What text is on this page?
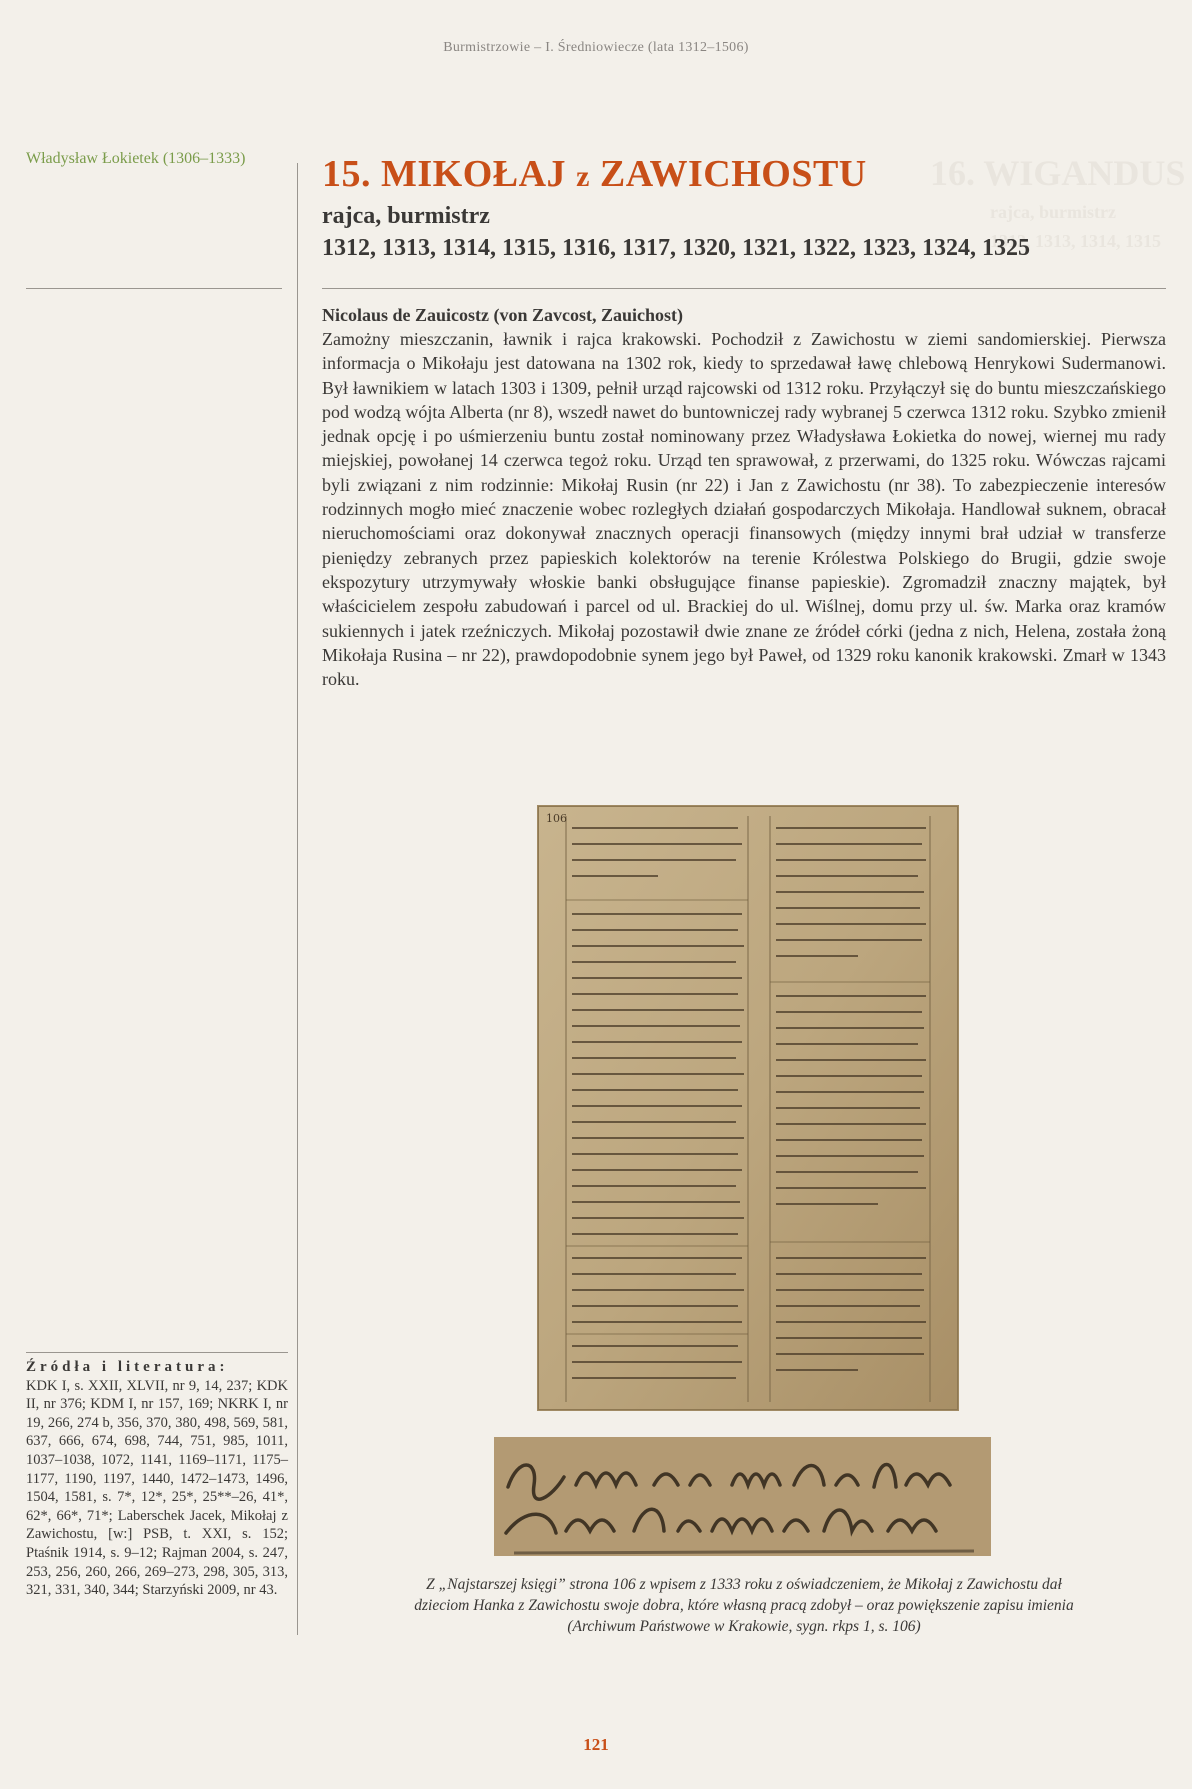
Burmistrzowie – I. Średniowiecze (lata 1312–1506)
Władysław Łokietek (1306–1333)	16. WIGANDUS
rajca, burmistrz
1312, 1313, 1314, 1315
15. MIKOŁAJ z ZAWICHOSTU
rajca, burmistrz
1312, 1313, 1314, 1315, 1316, 1317, 1320, 1321, 1322, 1323, 1324, 1325
Nicolaus de Zauicostz (von Zavcost, Zauichost)

Zamożny mieszczanin, ławnik i rajca krakowski. Pochodził z Zawichostu w ziemi sandomierskiej. Pierwsza informacja o Mikołaju jest datowana na 1302 rok, kiedy to sprzedawał ławę chlebową Henrykowi Sudermanowi. Był ławnikiem w latach 1303 i 1309, pełnił urząd rajcowski od 1312 roku. Przyłączył się do buntu mieszczańskiego pod wodzą wójta Alberta (nr 8), wszedł nawet do buntowniczej rady wybranej 5 czerwca 1312 roku. Szybko zmienił jednak opcję i po uśmierzeniu buntu został nominowany przez Władysława Łokietka do nowej, wiernej mu rady miejskiej, powołanej 14 czerwca tegoż roku. Urząd ten sprawował, z przerwami, do 1325 roku. Wówczas rajcami byli związani z nim rodzinnie: Mikołaj Rusin (nr 22) i Jan z Zawichostu (nr 38). To zabezpieczenie interesów rodzinnych mogło mieć znaczenie wobec rozległych działań gospodarczych Mikołaja. Handlował suknem, obracał nieruchomościami oraz dokonywał znacznych operacji finansowych (między innymi brał udział w transferze pieniędzy zebranych przez papieskich kolektorów na terenie Królestwa Polskiego do Brugii, gdzie swoje ekspozytury utrzymywały włoskie banki obsługujące finanse papieskie). Zgromadził znaczny majątek, był właścicielem zespołu zabudowań i parcel od ul. Brackiej do ul. Wiślnej, domu przy ul. św. Marka oraz kramów sukiennych i jatek rzeźniczych. Mikołaj pozostawił dwie znane ze źródeł córki (jedna z nich, Helena, została żoną Mikołaja Rusina – nr 22), prawdopodobnie synem jego był Paweł, od 1329 roku kanonik krakowski. Zmarł w 1343 roku.

106
Z „Najstarszej księgi” strona 106 z wpisem z 1333 roku z oświadczeniem, że Mikołaj z Zawichostu dał
dzieciom Hanka z Zawichostu swoje dobra, które własną pracą zdobył – oraz powiększenie zapisu imienia
(Archiwum Państwowe w Krakowie, sygn. rkps 1, s. 106)
Źródła i literatura:
KDK I, s. XXII, XLVII, nr 9, 14, 237; KDK II, nr 376; KDM I, nr 157, 169; NKRK I, nr 19, 266, 274 b, 356, 370, 380, 498, 569, 581, 637, 666, 674, 698, 744, 751, 985, 1011, 1037–1038, 1072, 1141, 1169–1171, 1175–1177, 1190, 1197, 1440, 1472–1473, 1496, 1504, 1581, s. 7*, 12*, 25*, 25**–26, 41*, 62*, 66*, 71*; Laberschek Jacek, Mikołaj z Zawichostu, [w:] PSB, t. XXI, s. 152; Ptaśnik 1914, s. 9–12; Rajman 2004, s. 247, 253, 256, 260, 266, 269–273, 298, 305, 313, 321, 331, 340, 344; Starzyński 2009, nr 43.
121
